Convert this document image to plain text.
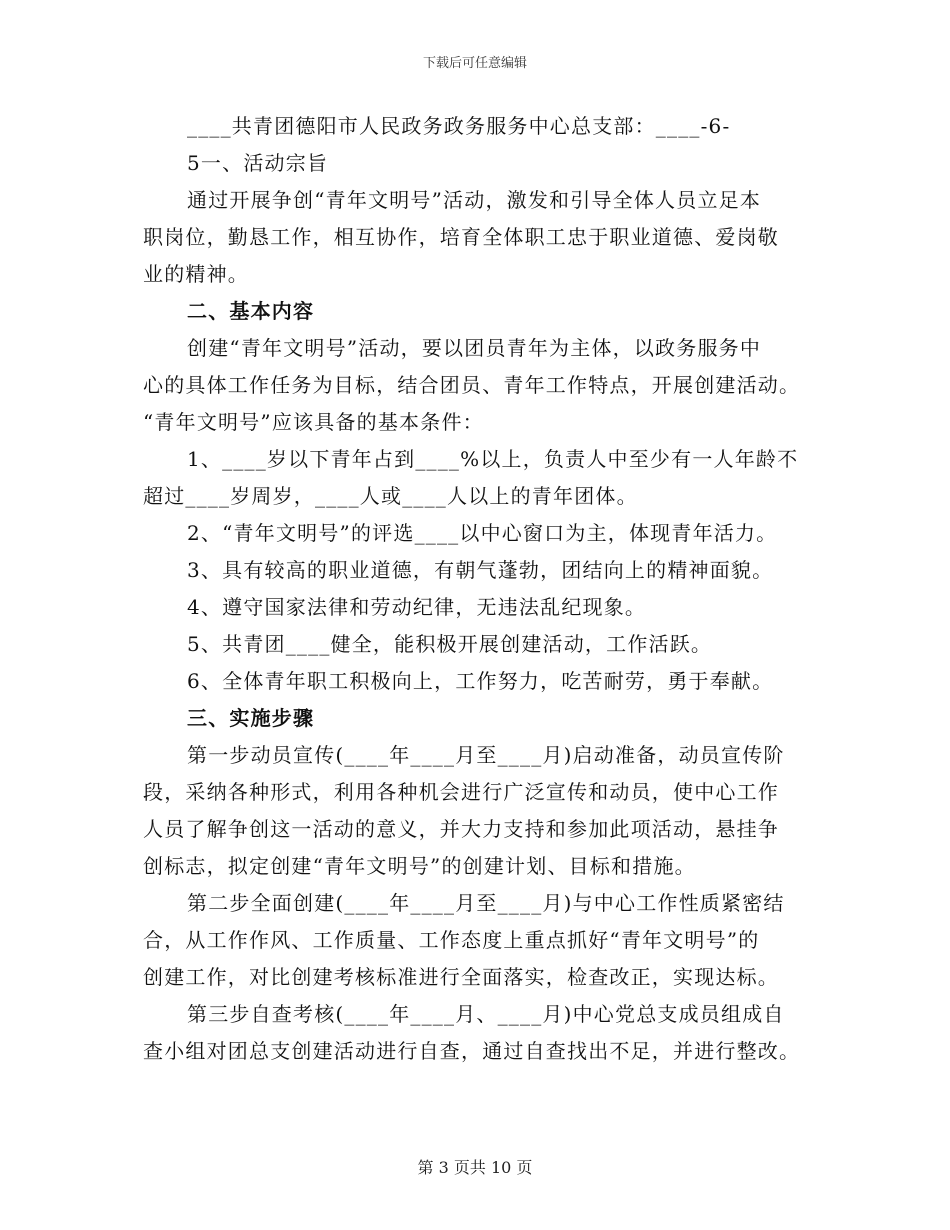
下载后可任意编辑
____共青团德阳市人民政务政务服务中心总支部：____-6-
5一、活动宗旨
通过开展争创“青年文明号”活动，激发和引导全体人员立足本
职岗位，勤恳工作，相互协作，培育全体职工忠于职业道德、爱岗敬
业的精神。
二、基本内容
创建“青年文明号”活动，要以团员青年为主体，以政务服务中
心的具体工作任务为目标，结合团员、青年工作特点，开展创建活动。
“青年文明号”应该具备的基本条件：
1、____岁以下青年占到____%以上，负责人中至少有一人年龄不
超过____岁周岁，____人或____人以上的青年团体。
2、“青年文明号”的评选____以中心窗口为主，体现青年活力。
3、具有较高的职业道德，有朝气蓬勃，团结向上的精神面貌。
4、遵守国家法律和劳动纪律，无违法乱纪现象。
5、共青团____健全，能积极开展创建活动，工作活跃。
6、全体青年职工积极向上，工作努力，吃苦耐劳，勇于奉献。
三、实施步骤
第一步动员宣传(____年____月至____月)启动准备，动员宣传阶
段，采纳各种形式，利用各种机会进行广泛宣传和动员，使中心工作
人员了解争创这一活动的意义，并大力支持和参加此项活动，悬挂争
创标志，拟定创建“青年文明号”的创建计划、目标和措施。
第二步全面创建(____年____月至____月)与中心工作性质紧密结
合，从工作作风、工作质量、工作态度上重点抓好“青年文明号”的
创建工作，对比创建考核标准进行全面落实，检查改正，实现达标。
第三步自查考核(____年____月、____月)中心党总支成员组成自
查小组对团总支创建活动进行自查，通过自查找出不足，并进行整改。
第 3 页共 10 页
